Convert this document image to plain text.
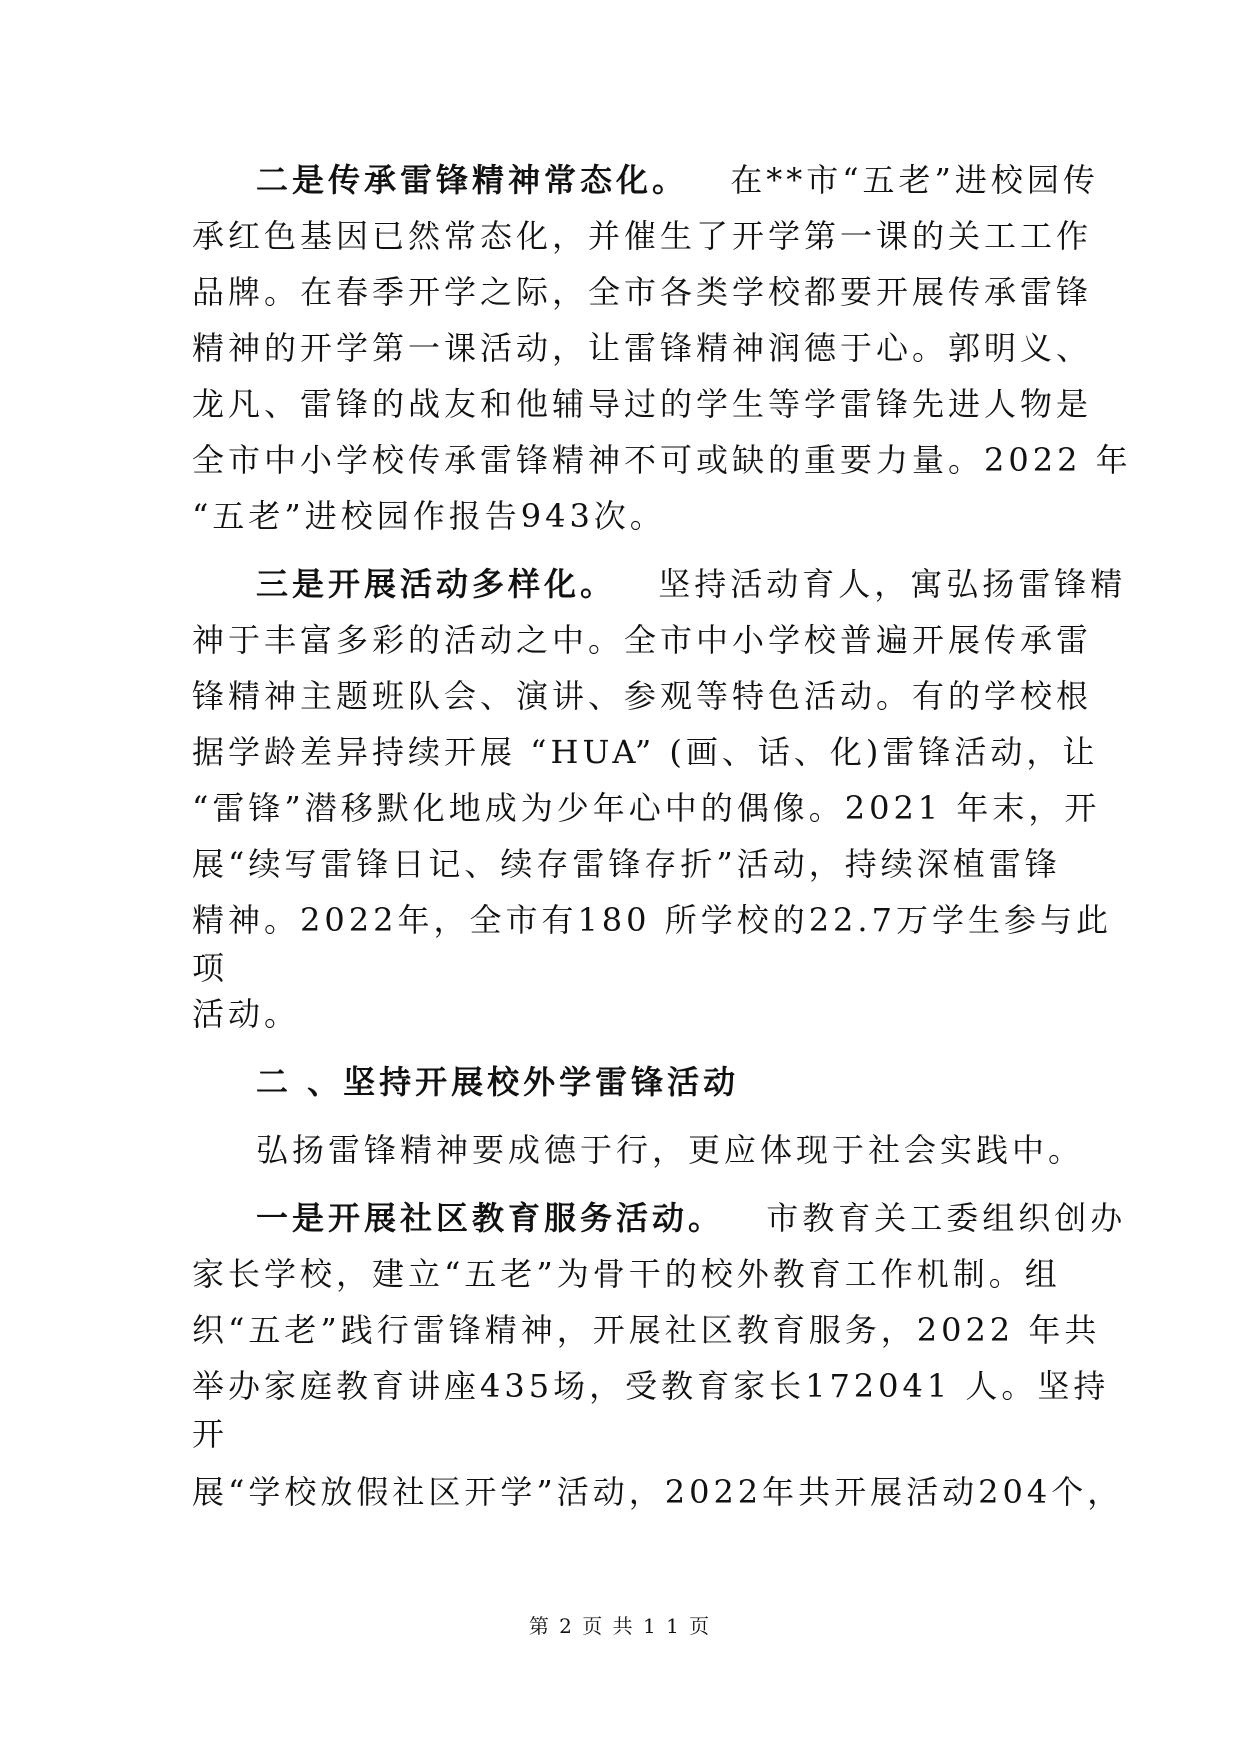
二是传承雷锋精神常态化。 在**市“五老”进校园传
承红色基因已然常态化，并催生了开学第一课的关工工作
品牌。在春季开学之际，全市各类学校都要开展传承雷锋
精神的开学第一课活动，让雷锋精神润德于心。郭明义、
龙凡、雷锋的战友和他辅导过的学生等学雷锋先进人物是
全市中小学校传承雷锋精神不可或缺的重要力量。2022 年
“五老”进校园作报告943次。
三是开展活动多样化。 坚持活动育人，寓弘扬雷锋精
神于丰富多彩的活动之中。全市中小学校普遍开展传承雷
锋精神主题班队会、演讲、参观等特色活动。有的学校根
据学龄差异持续开展 “HUA” (画、话、化)雷锋活动，让
“雷锋”潜移默化地成为少年心中的偶像。2021 年末，开
展“续写雷锋日记、续存雷锋存折”活动，持续深植雷锋
精神。2022年，全市有180 所学校的22.7万学生参与此
项
活动。
二 、坚持开展校外学雷锋活动
弘扬雷锋精神要成德于行，更应体现于社会实践中。
一是开展社区教育服务活动。 市教育关工委组织创办
家长学校，建立“五老”为骨干的校外教育工作机制。组
织“五老”践行雷锋精神，开展社区教育服务，2022 年共
举办家庭教育讲座435场，受教育家长172041 人。坚持
开
展“学校放假社区开学”活动，2022年共开展活动204个，
第 2 页 共 1 1 页
